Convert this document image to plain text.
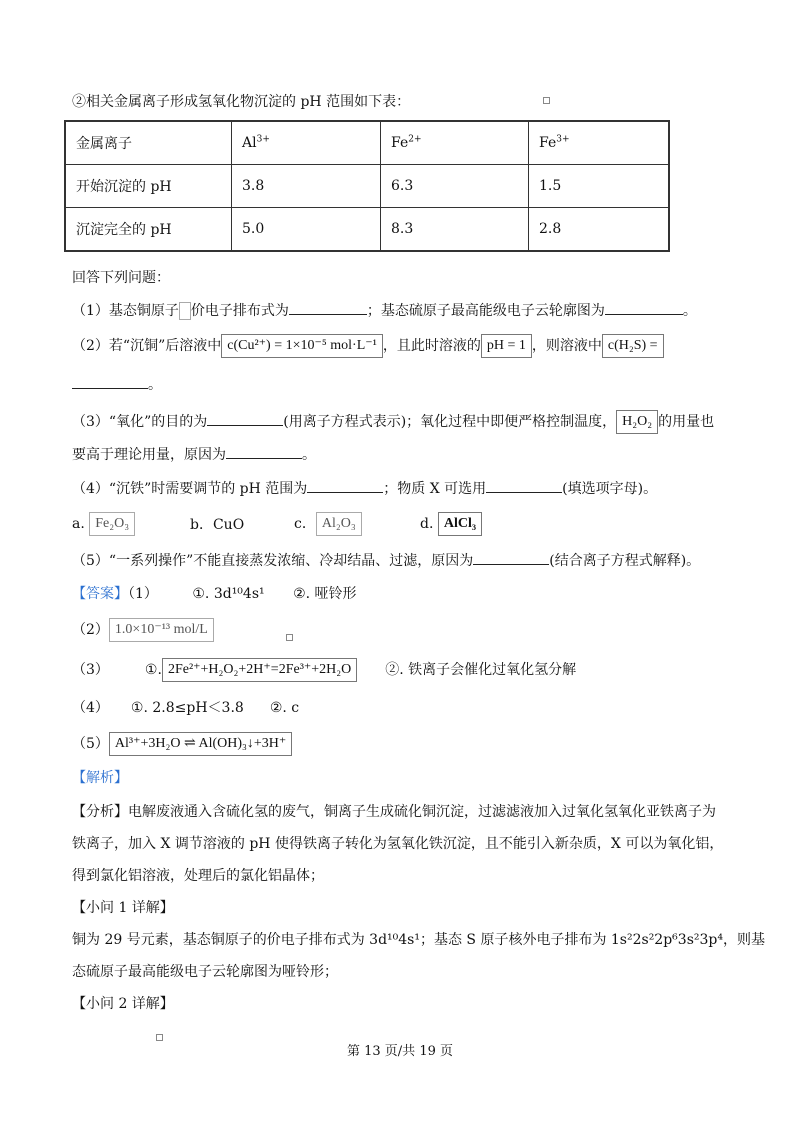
②相关金属离子形成氢氧化物沉淀的 pH 范围如下表：
金属离子	$Al^{3+}$	$Fe^{2+}$	$Fe^{3+}$
开始沉淀的 pH	3.8	6.3	1.5
沉淀完全的 pH	5.0	8.3	2.8
回答下列问题：
（1）基态铜原子 价电子排布式为	；基态硫原子最高能级电子云轮廓图为	。
（2）若“沉铜”后溶液中 c(Cu²⁺) = 1×10⁻⁵ mol·L⁻¹ ，且此时溶液的 pH = 1 ，则溶液中 c(H₂S) =
。
（3）“氧化”的目的为	(用离子方程式表示)；氧化过程中即便严格控制温度， H₂O₂ 的用量也
要高于理论用量，原因为	。
（4）“沉铁”时需要调节的 pH 范围为	；物质 X 可选用	(填选项字母)。
a. Fe₂O₃	b．CuO	c． Al₂O₃	d. AlCl₃
（5）“一系列操作”不能直接蒸发浓缩、冷却结晶、过滤，原因为	(结合离子方程式解释)。
【答案】（1） ①. 3d¹⁰4s¹ ②. 哑铃形
（2） 1.0×10⁻¹³ mol/L
（3）	①. 2Fe²⁺+H₂O₂+2H⁺=2Fe³⁺+2H₂O ②. 铁离子会催化过氧化氢分解
（4） ①. 2.8≤pH＜3.8 ②. c
（5） Al³⁺+3H₂O ⇌ Al(OH)₃↓+3H⁺
【解析】
【分析】电解废液通入含硫化氢的废气，铜离子生成硫化铜沉淀，过滤滤液加入过氧化氢氧化亚铁离子为
铁离子，加入 X 调节溶液的 pH 使得铁离子转化为氢氧化铁沉淀，且不能引入新杂质，X 可以为氧化铝，
得到氯化铝溶液，处理后的氯化铝晶体；
【小问 1 详解】
铜为 29 号元素，基态铜原子的价电子排布式为 3d¹⁰4s¹；基态 S 原子核外电子排布为 1s²2s²2p⁶3s²3p⁴，则基
态硫原子最高能级电子云轮廓图为哑铃形；
【小问 2 详解】
第 13 页/共 19 页
